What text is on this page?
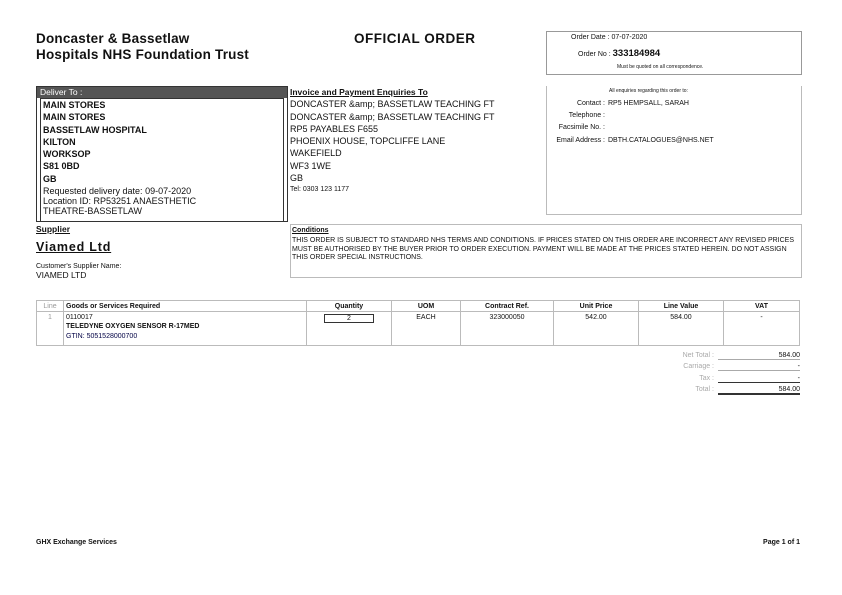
Doncaster & Bassetlaw
Hospitals NHS Foundation Trust
OFFICIAL ORDER	Order Date : 07-07-2020
Order No : 333184984
Must be quoted on all correspondence.
Deliver To :
MAIN STORES
MAIN STORES
BASSETLAW HOSPITAL
KILTON
WORKSOP
S81 0BD
GB
Requested delivery date: 09-07-2020
Location ID: RP53251 ANAESTHETIC
THEATRE-BASSETLAW
Invoice and Payment Enquiries To
DONCASTER &amp; BASSETLAW TEACHING FT
DONCASTER &amp; BASSETLAW TEACHING FT
RP5 PAYABLES F655
PHOENIX HOUSE, TOPCLIFFE LANE
WAKEFIELD
WF3 1WE
GB
Tel: 0303 123 1177
All enquiries regarding this order to:
Contact : RP5 HEMPSALL, SARAH
Telephone :
Facsimile No. :
Email Address : DBTH.CATALOGUES@NHS.NET
Supplier
Viamed Ltd
Customer's Supplier Name:
VIAMED LTD
Conditions
THIS ORDER IS SUBJECT TO STANDARD NHS TERMS AND CONDITIONS. IF PRICES STATED ON THIS ORDER ARE INCORRECT ANY REVISED PRICES MUST BE AUTHORISED BY THE BUYER PRIOR TO ORDER EXECUTION. PAYMENT WILL BE MADE AT THE PRICES STATED HEREIN. DO NOT ASSIGN THIS ORDER SPECIAL INSTRUCTIONS.
Line	Goods or Services Required	Quantity	UOM	Contract Ref.	Unit Price	Line Value	VAT
1	0110017
TELEDYNE OXYGEN SENSOR R-17MED
GTIN: 5051528000700	2	EACH	323000050	542.00	584.00	-
Net Total :	584.00
Carriage :	-
Tax :	-
Total :	584.00
GHX Exchange Services	Page 1 of 1
